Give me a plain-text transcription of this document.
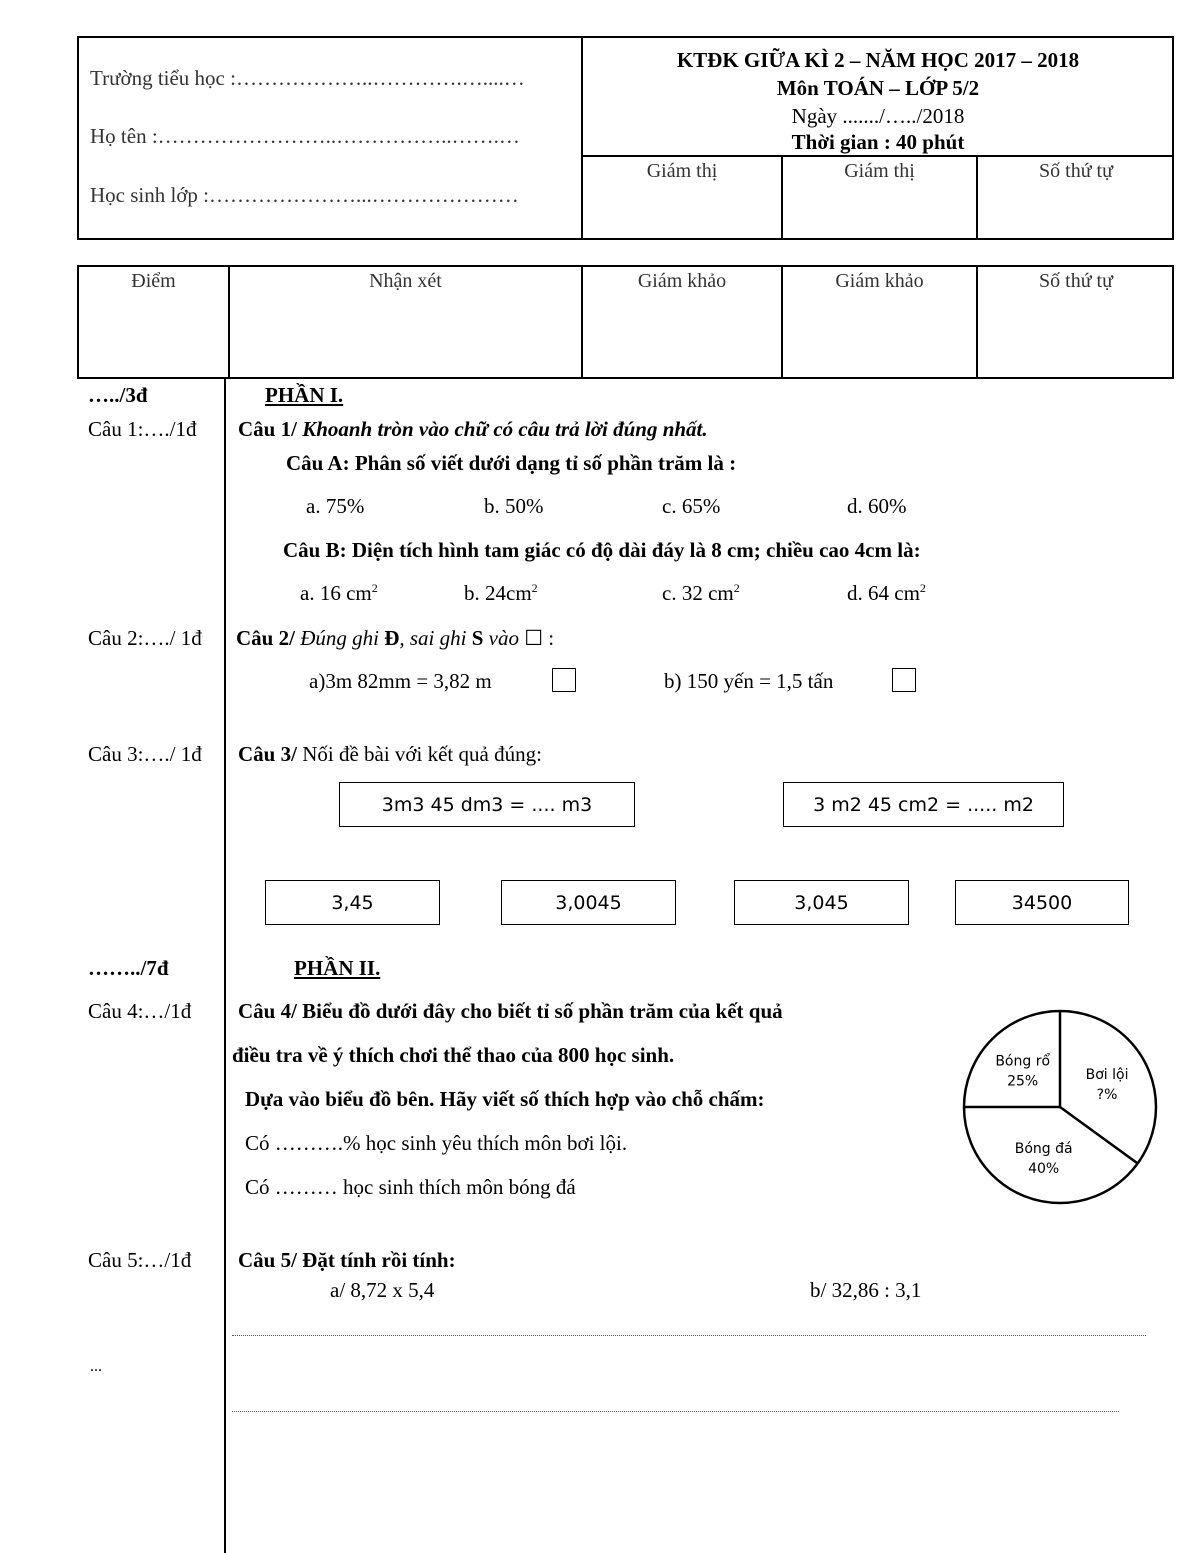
Trường tiểu học :………………..………….…....…
Họ tên :……………………..……………..…….…
Học sinh lớp :…………………...…………………
KTĐK GIỮA KÌ 2 – NĂM HỌC 2017 – 2018
Môn TOÁN – LỚP 5/2
Ngày ......./…../2018
Thời gian : 40 phút
Giám thị	Giám thị	Số thứ tự
Điểm	Nhận xét	Giám khảo	Giám khảo	Số thứ tự
…../3đ	PHẦN I.
Câu 1:…./1đ Câu 1/ Khoanh tròn vào chữ có câu trả lời đúng nhất.
Câu A: Phân số viết dưới dạng tỉ số phần trăm là :
a. 75%	b. 50%	c. 65%	d. 60%
Câu B: Diện tích hình tam giác có độ dài đáy là 8 cm; chiều cao 4cm là:
a. 16 $cm^2$	b. $24cm^2$	c. 32 $cm^2$	d. 64 $cm^2$
Câu 2:…./ 1đ Câu 2/ Đúng ghi Đ, sai ghi S vào ☐ :
a)3m 82mm = 3,82 m	b) 150 yến = 1,5 tấn
Câu 3:…./ 1đ Câu 3/ Nối đề bài với kết quả đúng:
3m3 45 dm3 = .... m3	3 m2 45 cm2 = ..... m2
3,45	3,0045	3,045	34500
……../7đ	PHẦN II.
Câu 4:…/1đ Câu 4/ Biểu đồ dưới đây cho biết tỉ số phần trăm của kết quả
điều tra về ý thích chơi thể thao của 800 học sinh.
Dựa vào biểu đồ bên. Hãy viết số thích hợp vào chỗ chấm:
Có ……….% học sinh yêu thích môn bơi lội.
Có ……… học sinh thích môn bóng đá
Bóng rổ
25%	Bơi lội
?%
Bóng đá
40%
Câu 5:…/1đ Câu 5/ Đặt tính rồi tính:
a/ 8,72 x 5,4	b/ 32,86 : 3,1
...
